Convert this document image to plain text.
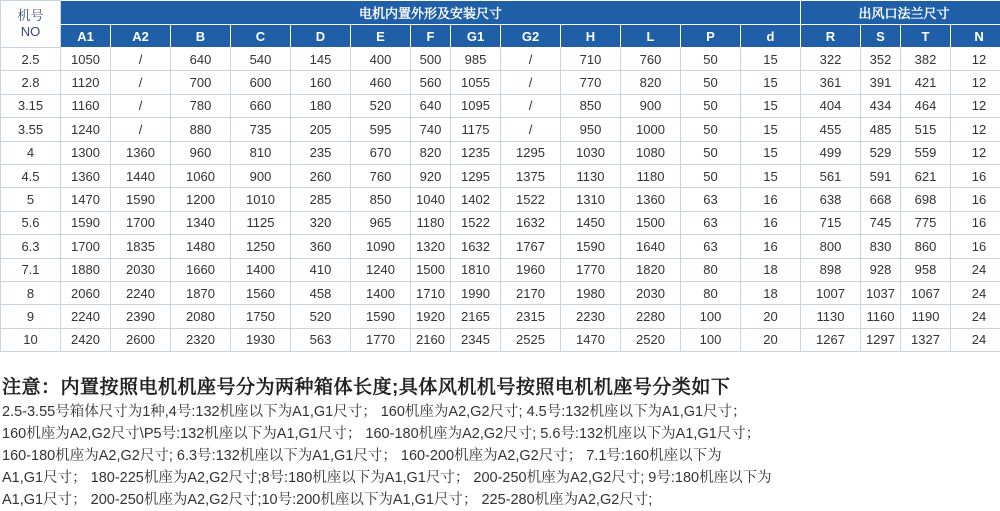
机号
NO	电机内置外形及安装尺寸													出风口法兰尺寸			
	A1	A2	B	C	D	E	F	G1	G2	H	L	P	d	R	S	T	N
2.5	1050	/	640	540	145	400	500	985	/	710	760	50	15	322	352	382	12
2.8	1120	/	700	600	160	460	560	1055	/	770	820	50	15	361	391	421	12
3.15	1160	/	780	660	180	520	640	1095	/	850	900	50	15	404	434	464	12
3.55	1240	/	880	735	205	595	740	1175	/	950	1000	50	15	455	485	515	12
4	1300	1360	960	810	235	670	820	1235	1295	1030	1080	50	15	499	529	559	12
4.5	1360	1440	1060	900	260	760	920	1295	1375	1130	1180	50	15	561	591	621	16
5	1470	1590	1200	1010	285	850	1040	1402	1522	1310	1360	63	16	638	668	698	16
5.6	1590	1700	1340	1125	320	965	1180	1522	1632	1450	1500	63	16	715	745	775	16
6.3	1700	1835	1480	1250	360	1090	1320	1632	1767	1590	1640	63	16	800	830	860	16
7.1	1880	2030	1660	1400	410	1240	1500	1810	1960	1770	1820	80	18	898	928	958	24
8	2060	2240	1870	1560	458	1400	1710	1990	2170	1980	2030	80	18	1007	1037	1067	24
9	2240	2390	2080	1750	520	1590	1920	2165	2315	2230	2280	100	20	1130	1160	1190	24
10	2420	2600	2320	1930	563	1770	2160	2345	2525	1470	2520	100	20	1267	1297	1327	24
注意：内置按照电机机座号分为两种箱体长度;具体风机机号按照电机机座号分类如下
2.5-3.55号箱体尺寸为1种,4号:132机座以下为A1,G1尺寸； 160机座为A2,G2尺寸; 4.5号:132机座以下为A1,G1尺寸；
160机座为A2,G2尺寸\P5号:132机座以下为A1,G1尺寸； 160-180机座为A2,G2尺寸; 5.6号:132机座以下为A1,G1尺寸；
160-180机座为A2,G2尺寸; 6.3号:132机座以下为A1,G1尺寸； 160-200机座为A2,G2尺寸； 7.1号:160机座以下为
A1,G1尺寸； 180-225机座为A2,G2尺寸;8号:180机座以下为A1,G1尺寸； 200-250机座为A2,G2尺寸; 9号:180机座以下为
A1,G1尺寸； 200-250机座为A2,G2尺寸;10号:200机座以下为A1,G1尺寸； 225-280机座为A2,G2尺寸;
